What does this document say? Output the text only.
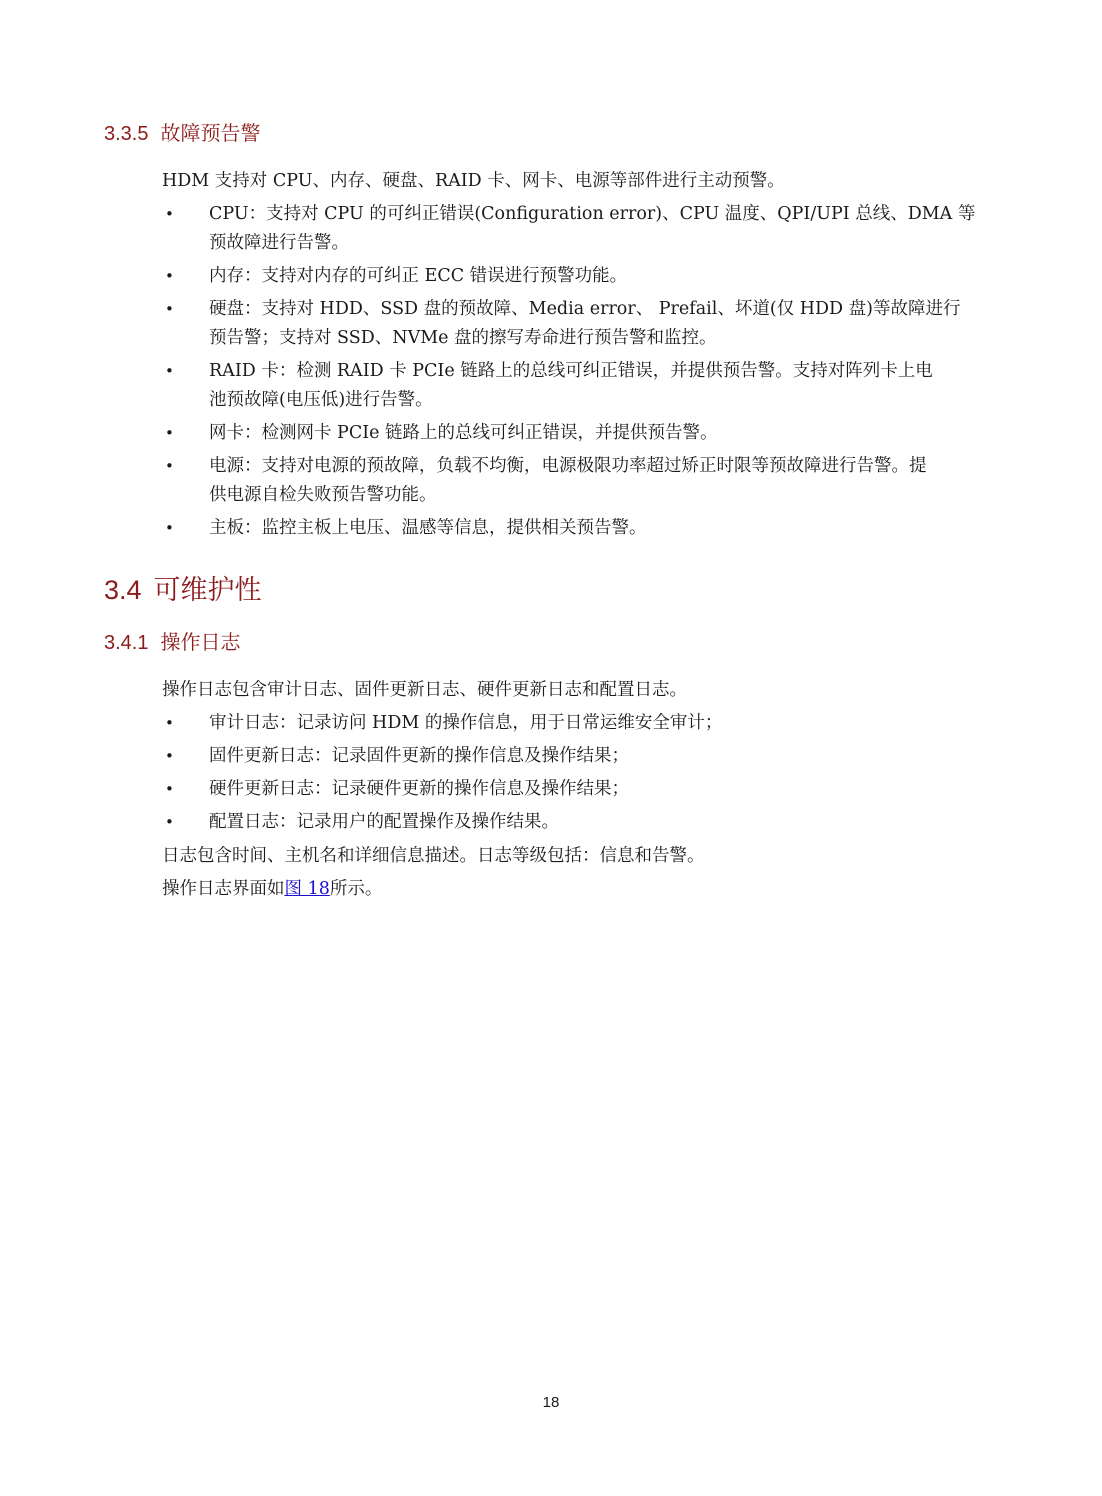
3.3.5 故障预告警
HDM 支持对 CPU、内存、硬盘、RAID 卡、网卡、电源等部件进行主动预警。
• CPU：支持对 CPU 的可纠正错误(Configuration error)、CPU 温度、QPI/UPI 总线、DMA 等
预故障进行告警。
• 内存：支持对内存的可纠正 ECC 错误进行预警功能。
• 硬盘：支持对 HDD、SSD 盘的预故障、Media error、 Prefail、坏道(仅 HDD 盘)等故障进行
预告警；支持对 SSD、NVMe 盘的擦写寿命进行预告警和监控。
• RAID 卡：检测 RAID 卡 PCIe 链路上的总线可纠正错误，并提供预告警。支持对阵列卡上电
池预故障(电压低)进行告警。
• 网卡：检测网卡 PCIe 链路上的总线可纠正错误，并提供预告警。
• 电源：支持对电源的预故障，负载不均衡，电源极限功率超过矫正时限等预故障进行告警。提
供电源自检失败预告警功能。
• 主板：监控主板上电压、温感等信息，提供相关预告警。
3.4 可维护性
3.4.1 操作日志
操作日志包含审计日志、固件更新日志、硬件更新日志和配置日志。
• 审计日志：记录访问 HDM 的操作信息，用于日常运维安全审计；
• 固件更新日志：记录固件更新的操作信息及操作结果；
• 硬件更新日志：记录硬件更新的操作信息及操作结果；
• 配置日志：记录用户的配置操作及操作结果。
日志包含时间、主机名和详细信息描述。日志等级包括：信息和告警。
操作日志界面如图 18所示。
18
